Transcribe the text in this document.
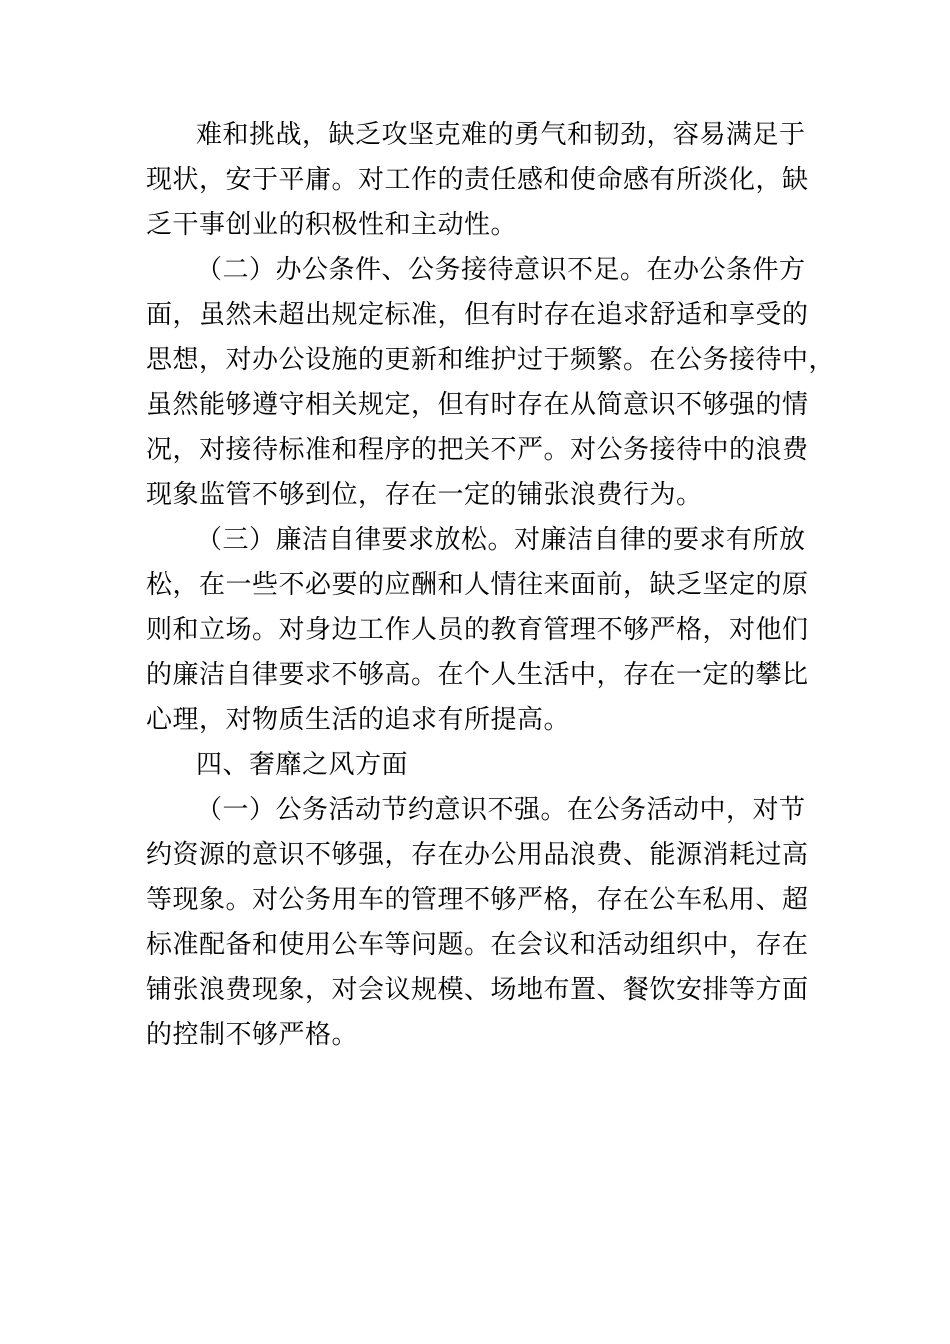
难和挑战，缺乏攻坚克难的勇气和韧劲，容易满足于
现状，安于平庸。对工作的责任感和使命感有所淡化，缺
乏干事创业的积极性和主动性。
（二）办公条件、公务接待意识不足。在办公条件方
面，虽然未超出规定标准，但有时存在追求舒适和享受的
思想，对办公设施的更新和维护过于频繁。在公务接待中，
虽然能够遵守相关规定，但有时存在从简意识不够强的情
况，对接待标准和程序的把关不严。对公务接待中的浪费
现象监管不够到位，存在一定的铺张浪费行为。
（三）廉洁自律要求放松。对廉洁自律的要求有所放
松，在一些不必要的应酬和人情往来面前，缺乏坚定的原
则和立场。对身边工作人员的教育管理不够严格，对他们
的廉洁自律要求不够高。在个人生活中，存在一定的攀比
心理，对物质生活的追求有所提高。
四、奢靡之风方面
（一）公务活动节约意识不强。在公务活动中，对节
约资源的意识不够强，存在办公用品浪费、能源消耗过高
等现象。对公务用车的管理不够严格，存在公车私用、超
标准配备和使用公车等问题。在会议和活动组织中，存在
铺张浪费现象，对会议规模、场地布置、餐饮安排等方面
的控制不够严格。
